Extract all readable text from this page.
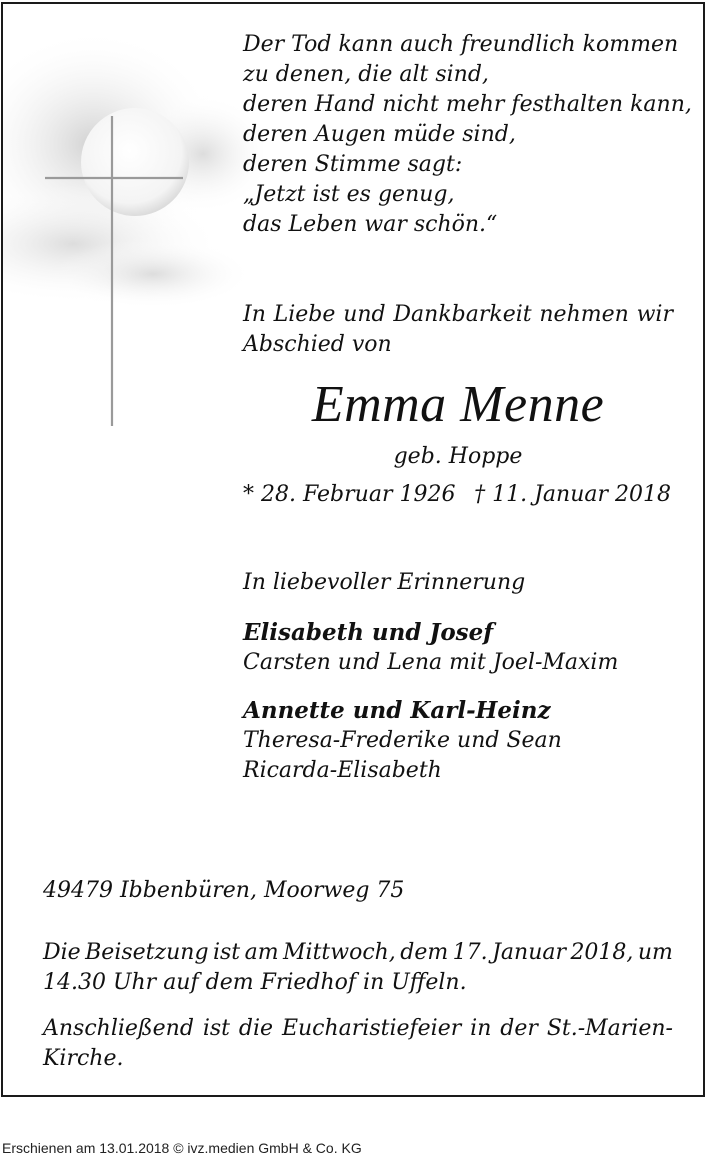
Der Tod kann auch freundlich kommen
zu denen, die alt sind,
deren Hand nicht mehr festhalten kann,
deren Augen müde sind,
deren Stimme sagt:
„Jetzt ist es genug,
das Leben war schön.“
In Liebe und Dankbarkeit nehmen wir
Abschied von
Emma Menne
geb. Hoppe
* 28. Februar 1926 † 11. Januar 2018
In liebevoller Erinnerung
Elisabeth und Josef
Carsten und Lena mit Joel-Maxim
Annette und Karl-Heinz
Theresa-Frederike und Sean
Ricarda-Elisabeth
49479 Ibbenbüren, Moorweg 75
Die Beisetzung ist am Mittwoch, dem 17. Januar 2018, um
14.30 Uhr auf dem Friedhof in Uffeln.
Anschließend ist die Eucharistiefeier in der St.-Marien-
Kirche.
Erschienen am 13.01.2018 © ivz.medien GmbH & Co. KG
